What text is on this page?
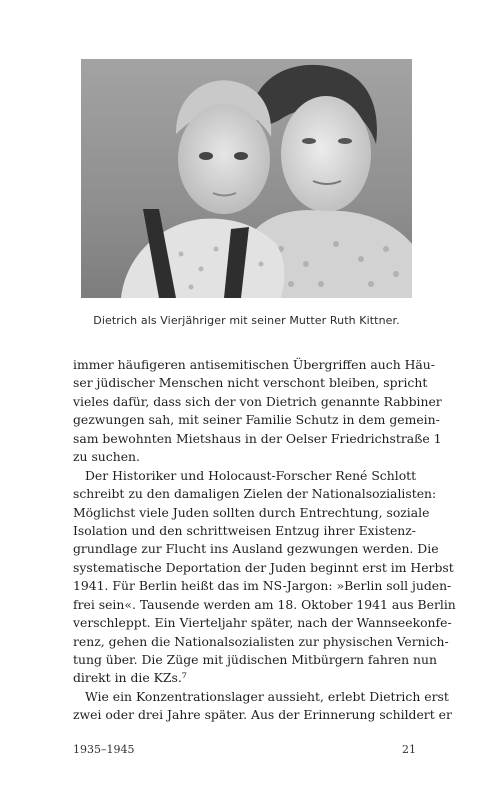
Dietrich als Vierjähriger mit seiner Mutter Ruth Kittner.
immer häufigeren antisemitischen Übergriffen auch Häu-
ser jüdischer Menschen nicht verschont bleiben, spricht
vieles dafür, dass sich der von Dietrich genannte Rabbiner
gezwungen sah, mit seiner Familie Schutz in dem gemein-
sam bewohnten Mietshaus in der Oelser Friedrichstraße 1
zu suchen.
Der Historiker und Holocaust-Forscher René Schlott
schreibt zu den damaligen Zielen der Nationalsozialisten:
Möglichst viele Juden sollten durch Entrechtung, soziale
Isolation und den schrittweisen Entzug ihrer Existenz-
grundlage zur Flucht ins Ausland gezwungen werden. Die
systematische Deportation der Juden beginnt erst im Herbst
1941. Für Berlin heißt das im NS-Jargon: »Berlin soll juden-
frei sein«. Tausende werden am 18. Oktober 1941 aus Berlin
verschleppt. Ein Vierteljahr später, nach der Wannseekonfe-
renz, gehen die Nationalsozialisten zur physischen Vernich-
tung über. Die Züge mit jüdischen Mitbürgern fahren nun
direkt in die KZs.⁷
Wie ein Konzentrationslager aussieht, erlebt Dietrich erst
zwei oder drei Jahre später. Aus der Erinnerung schildert er
1935–1945	21
